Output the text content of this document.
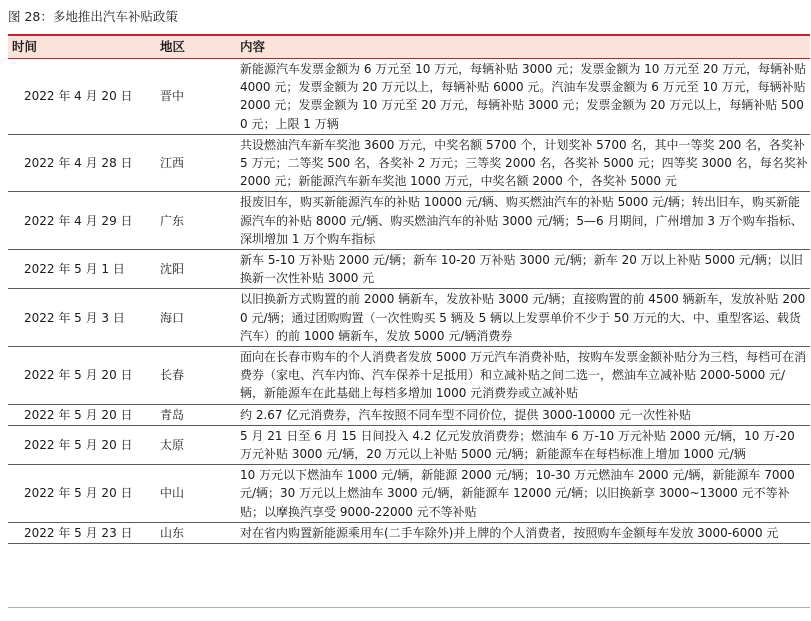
图 28：多地推出汽车补贴政策
时间	地区	内容
2022 年 4 月 20 日	晋中	新能源汽车发票金额为 6 万元至 10 万元，每辆补贴 3000 元；发票金额为 10 万元至 20 万元，每辆补贴 4000 元；发票金额为 20 万元以上，每辆补贴 6000 元。汽油车发票金额为 6 万元至 10 万元，每辆补贴 2000 元；发票金额为 10 万元至 20 万元，每辆补贴 3000 元；发票金额为 20 万元以上，每辆补贴 5000 元；上限 1 万辆
2022 年 4 月 28 日	江西	共设燃油汽车新车奖池 3600 万元，中奖名额 5700 个，计划奖补 5700 名，其中一等奖 200 名，各奖补 5 万元；二等奖 500 名，各奖补 2 万元；三等奖 2000 名，各奖补 5000 元；四等奖 3000 名，每名奖补 2000 元；新能源汽车新车奖池 1000 万元，中奖名额 2000 个，各奖补 5000 元
2022 年 4 月 29 日	广东	报废旧车，购买新能源汽车的补贴 10000 元/辆、购买燃油汽车的补贴 5000 元/辆；转出旧车，购买新能源汽车的补贴 8000 元/辆、购买燃油汽车的补贴 3000 元/辆；5—6 月期间，广州增加 3 万个购车指标、深圳增加 1 万个购车指标
2022 年 5 月 1 日	沈阳	新车 5-10 万补贴 2000 元/辆；新车 10-20 万补贴 3000 元/辆；新车 20 万以上补贴 5000 元/辆；以旧换新一次性补贴 3000 元
2022 年 5 月 3 日	海口	以旧换新方式购置的前 2000 辆新车，发放补贴 3000 元/辆；直接购置的前 4500 辆新车，发放补贴 2000 元/辆；通过团购购置（一次性购买 5 辆及 5 辆以上发票单价不少于 50 万元的大、中、重型客运、载货汽车）的前 1000 辆新车，发放 5000 元/辆消费券
2022 年 5 月 20 日	长春	面向在长春市购车的个人消费者发放 5000 万元汽车消费补贴，按购车发票金额补贴分为三档，每档可在消费券（家电、汽车内饰、汽车保养十足抵用）和立减补贴之间二选一，燃油车立减补贴 2000-5000 元/辆，新能源车在此基础上每档多增加 1000 元消费券或立减补贴
2022 年 5 月 20 日	青岛	约 2.67 亿元消费券，汽车按照不同车型不同价位，提供 3000-10000 元一次性补贴
2022 年 5 月 20 日	太原	5 月 21 日至 6 月 15 日间投入 4.2 亿元发放消费券；燃油车 6 万-10 万元补贴 2000 元/辆，10 万-20 万元补贴 3000 元/辆，20 万元以上补贴 5000 元/辆；新能源车在每档标准上增加 1000 元/辆
2022 年 5 月 20 日	中山	10 万元以下燃油车 1000 元/辆，新能源 2000 元/辆；10-30 万元燃油车 2000 元/辆，新能源车 7000 元/辆；30 万元以上燃油车 3000 元/辆，新能源车 12000 元/辆；以旧换新享 3000~13000 元不等补贴；以摩换汽享受 9000-22000 元不等补贴
2022 年 5 月 23 日	山东	对在省内购置新能源乘用车(二手车除外)并上牌的个人消费者，按照购车金额每车发放 3000-6000 元
